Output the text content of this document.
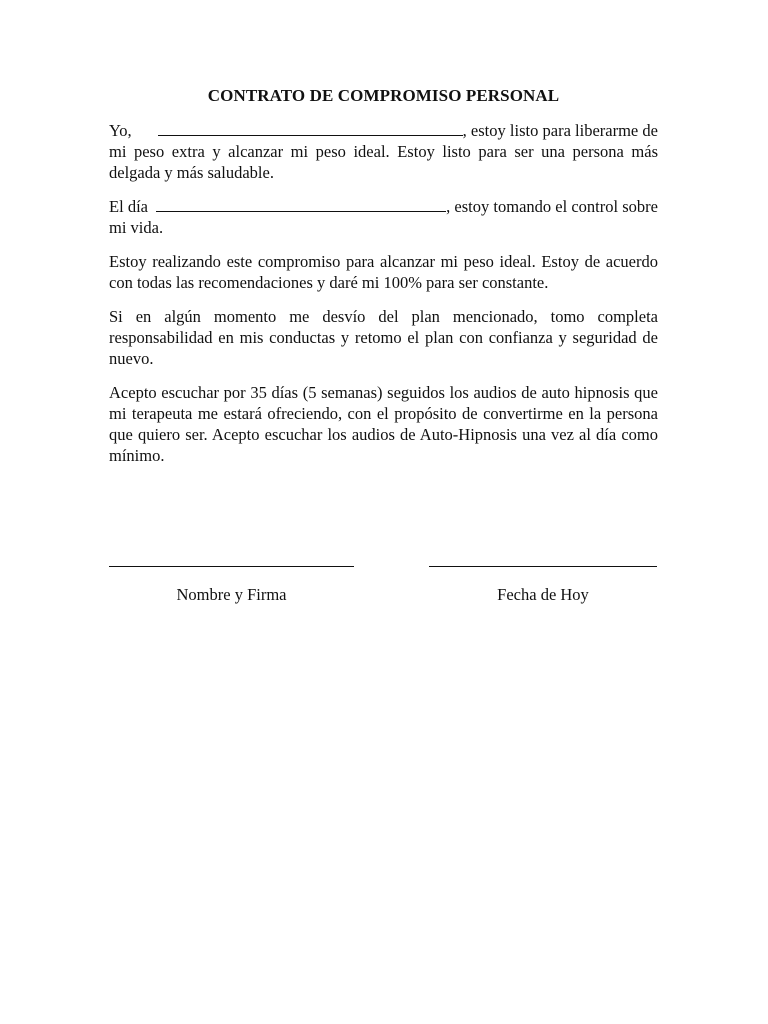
CONTRATO DE COMPROMISO PERSONAL

Yo,	, estoy listo para liberarme de mi peso extra y alcanzar mi peso ideal. Estoy listo para ser una persona más delgada y más saludable.

El día	, estoy tomando el control sobre mi vida.

Estoy realizando este compromiso para alcanzar mi peso ideal. Estoy de acuerdo con todas las recomendaciones y daré mi 100% para ser constante.

Si en algún momento me desvío del plan mencionado, tomo completa responsabilidad en mis conductas y retomo el plan con confianza y seguridad de nuevo.

Acepto escuchar por 35 días (5 semanas) seguidos los audios de auto hipnosis que mi terapeuta me estará ofreciendo, con el propósito de convertirme en la persona que quiero ser. Acepto escuchar los audios de Auto-Hipnosis una vez al día como mínimo.

Nombre y Firma	Fecha de Hoy
